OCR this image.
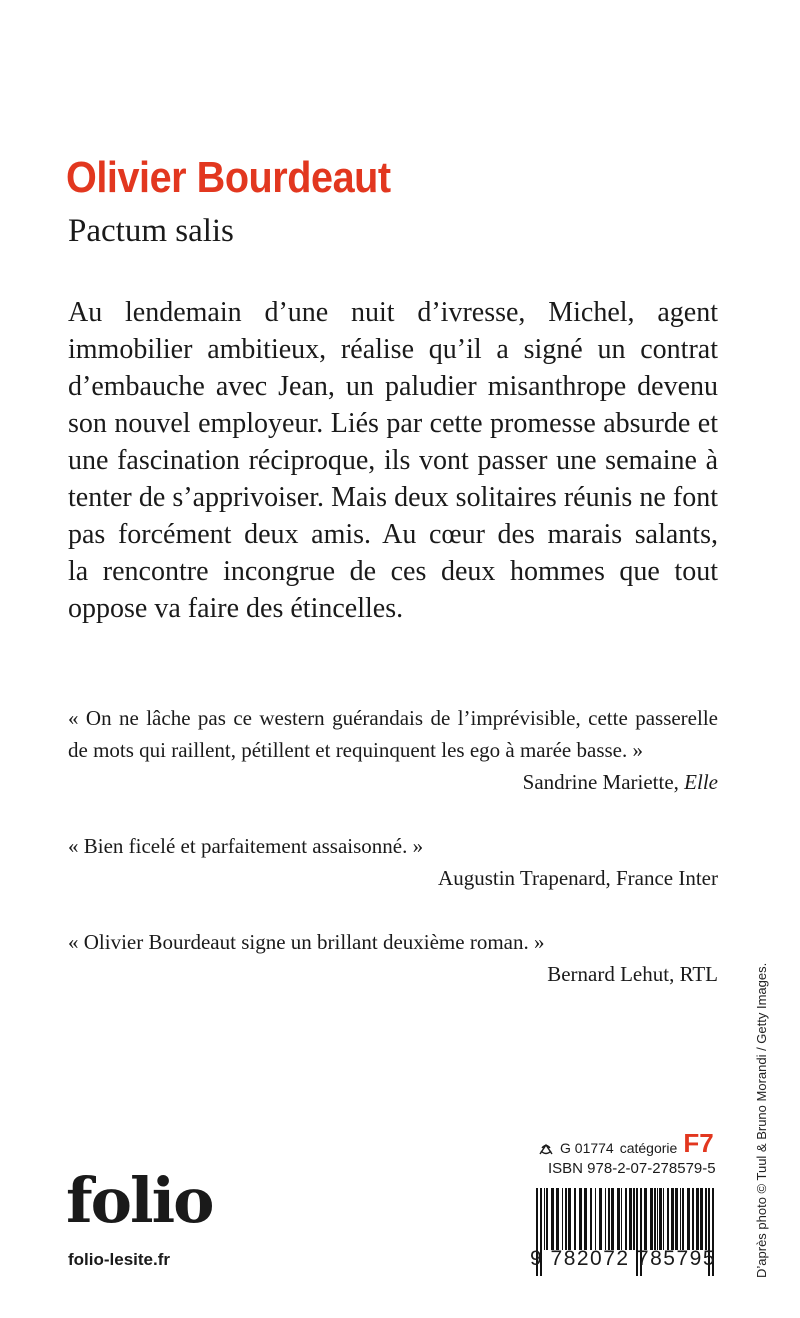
Olivier Bourdeaut
Pactum salis

Au lendemain d’une nuit d’ivresse, Michel, agent
immobilier ambitieux, réalise qu’il a signé un contrat
d’embauche avec Jean, un paludier misanthrope devenu
son nouvel employeur. Liés par cette promesse absurde et
une fascination réciproque, ils vont passer une semaine à
tenter de s’apprivoiser. Mais deux solitaires réunis ne font
pas forcément deux amis. Au cœur des marais salants,
la rencontre incongrue de ces deux hommes que tout
oppose va faire des étincelles.

« On ne lâche pas ce western guérandais de l’imprévisible, cette passerelle
de mots qui raillent, pétillent et requinquent les ego à marée basse. »
Sandrine Mariette, Elle
« Bien ficelé et parfaitement assaisonné. »
Augustin Trapenard, France Inter
« Olivier Bourdeaut signe un brillant deuxième roman. »
Bernard Lehut, RTL
folio
folio-lesite.fr
G 01774 catégorie F7
ISBN 978-2-07-278579-5
9 782072 785795	D’après photo © Tuul & Bruno Morandi / Getty Images.
